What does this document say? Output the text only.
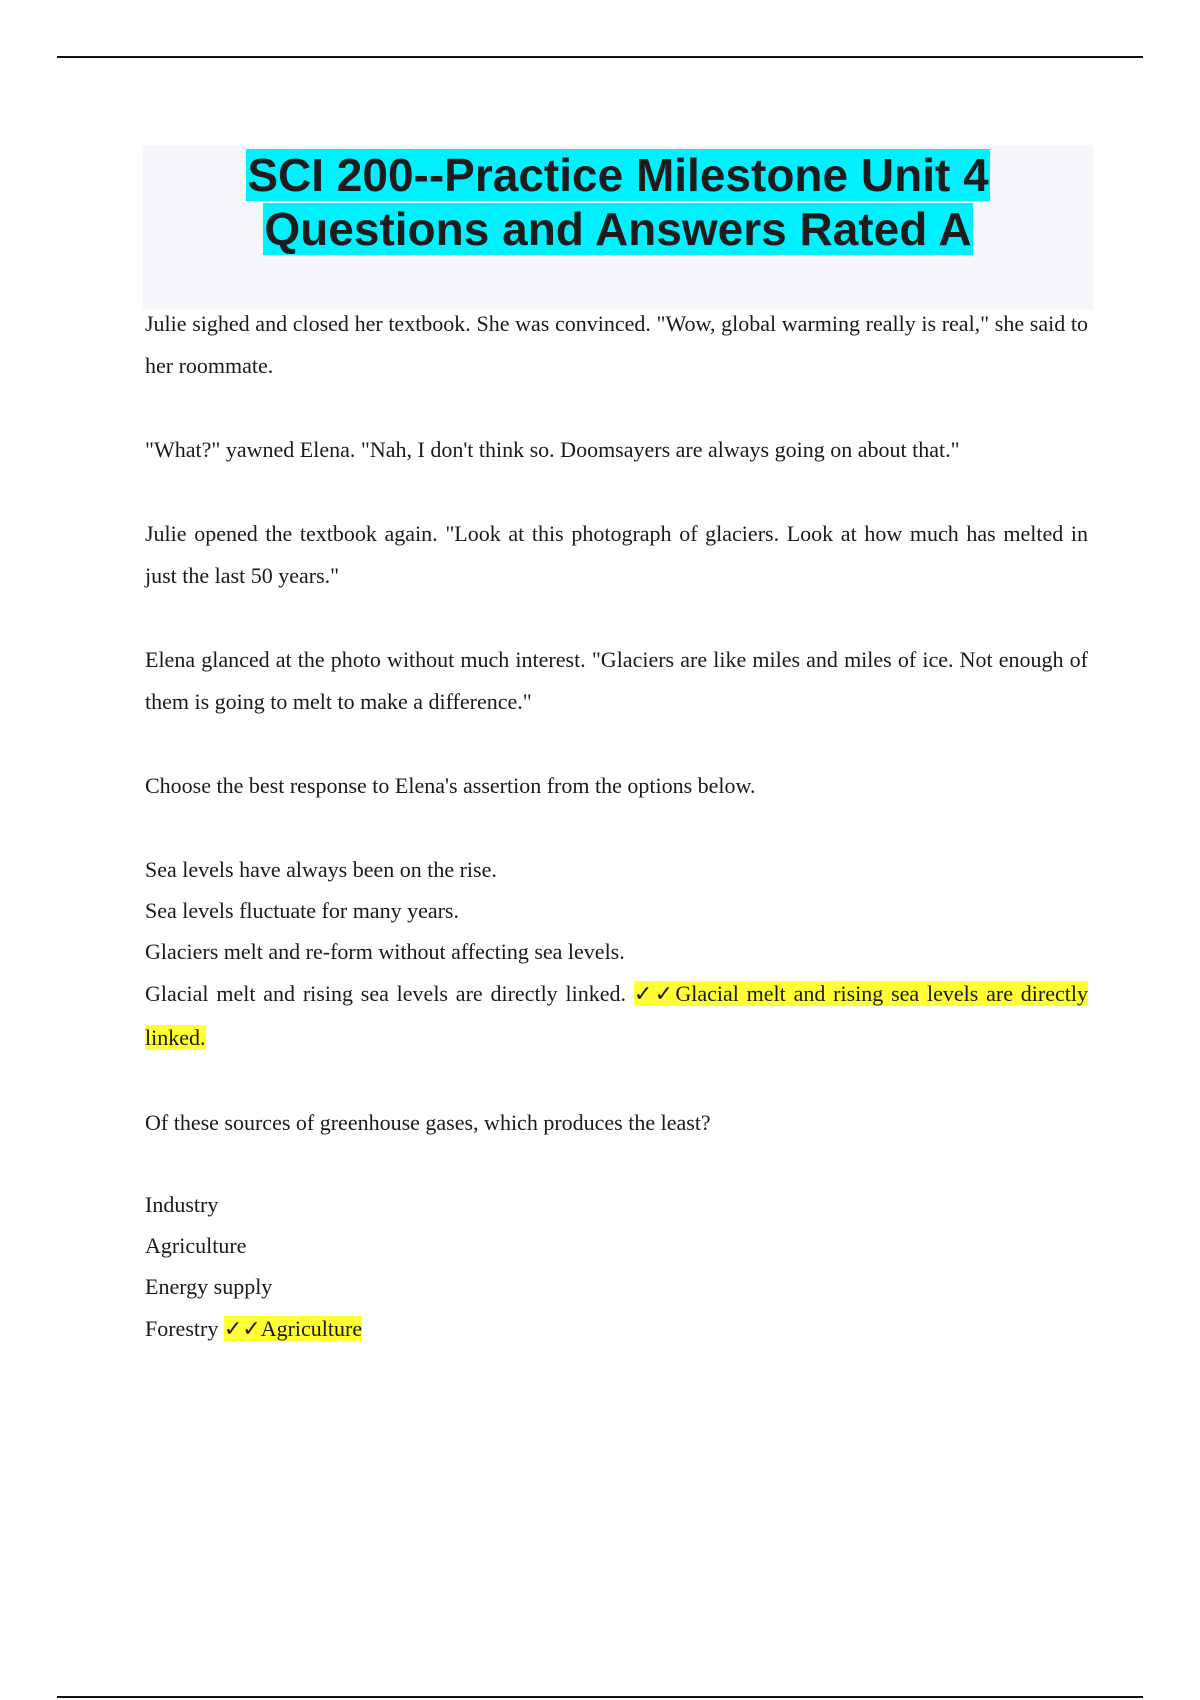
SCI 200--Practice Milestone Unit 4
Questions and Answers Rated A

Julie sighed and closed her textbook. She was convinced. "Wow, global warming really is real," she said to her roommate.

"What?" yawned Elena. "Nah, I don't think so. Doomsayers are always going on about that."

Julie opened the textbook again. "Look at this photograph of glaciers. Look at how much has melted in just the last 50 years."

Elena glanced at the photo without much interest. "Glaciers are like miles and miles of ice. Not enough of them is going to melt to make a difference."

Choose the best response to Elena's assertion from the options below.

Sea levels have always been on the rise.

Sea levels fluctuate for many years.

Glaciers melt and re-form without affecting sea levels.

Glacial melt and rising sea levels are directly linked. ✓✓Glacial melt and rising sea levels are directly linked.

Of these sources of greenhouse gases, which produces the least?

Industry

Agriculture

Energy supply

Forestry ✓✓Agriculture
